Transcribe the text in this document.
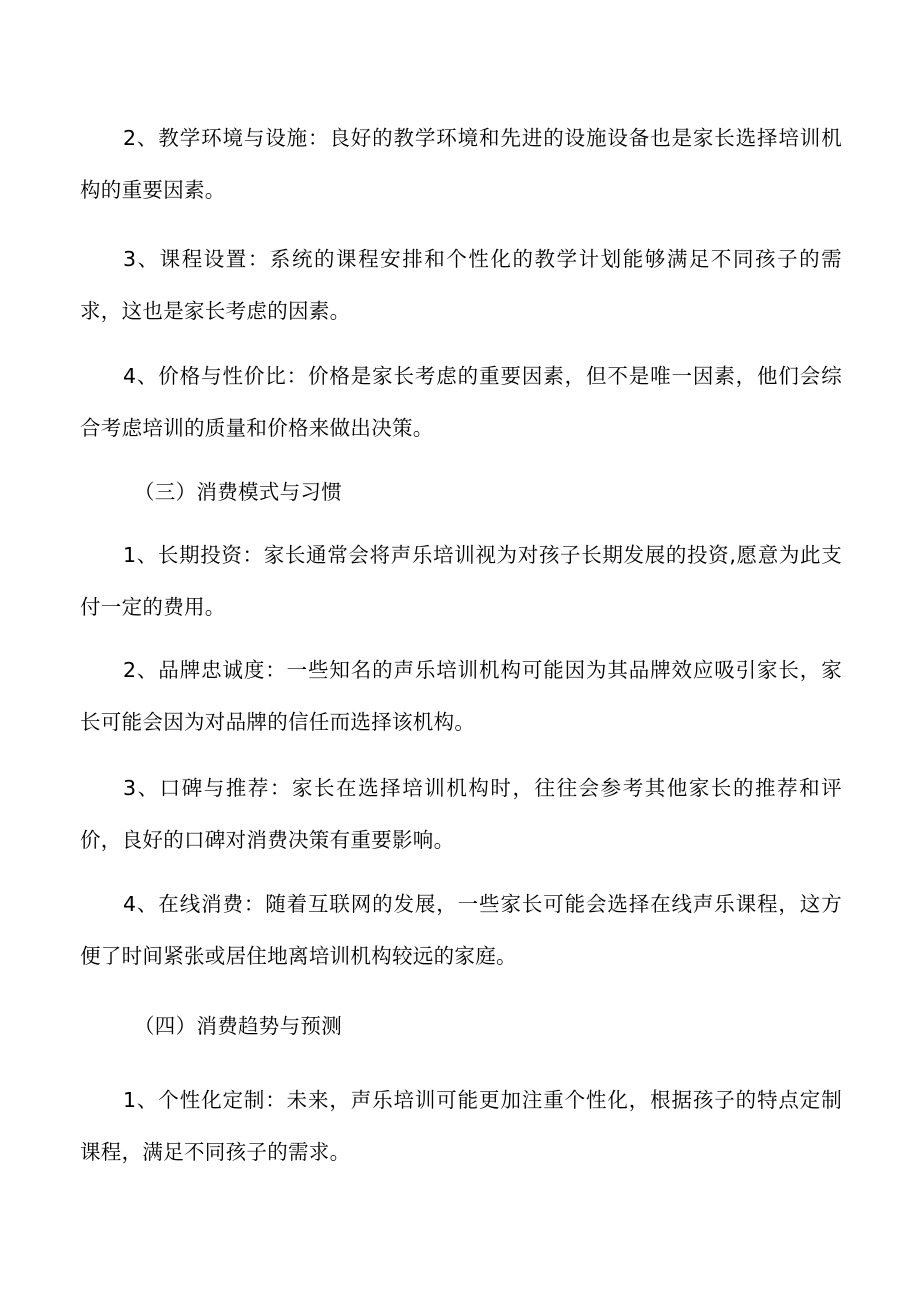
2、教学环境与设施：良好的教学环境和先进的设施设备也是家长选择培训机构的重要因素。

3、课程设置：系统的课程安排和个性化的教学计划能够满足不同孩子的需求，这也是家长考虑的因素。

4、价格与性价比：价格是家长考虑的重要因素，但不是唯一因素，他们会综合考虑培训的质量和价格来做出决策。

（三）消费模式与习惯

1、长期投资：家长通常会将声乐培训视为对孩子长期发展的投资,愿意为此支付一定的费用。

2、品牌忠诚度：一些知名的声乐培训机构可能因为其品牌效应吸引家长，家长可能会因为对品牌的信任而选择该机构。

3、口碑与推荐：家长在选择培训机构时，往往会参考其他家长的推荐和评价，良好的口碑对消费决策有重要影响。

4、在线消费：随着互联网的发展，一些家长可能会选择在线声乐课程，这方便了时间紧张或居住地离培训机构较远的家庭。

（四）消费趋势与预测

1、个性化定制：未来，声乐培训可能更加注重个性化，根据孩子的特点定制课程，满足不同孩子的需求。
